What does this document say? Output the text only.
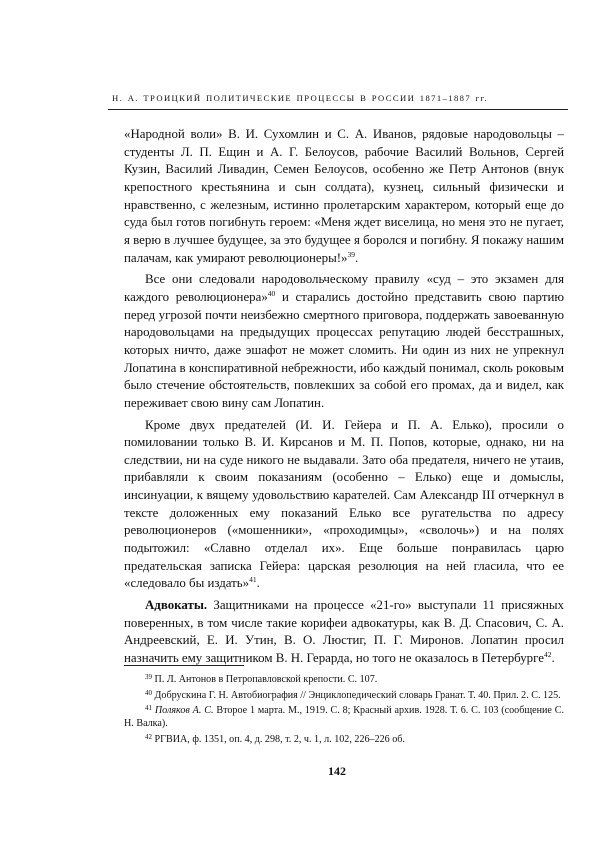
Н. А. ТРОИЦКИЙ ПОЛИТИЧЕСКИЕ ПРОЦЕССЫ В РОССИИ 1871–1887 гг.

«Народной воли» В. И. Сухомлин и С. А. Иванов, рядовые народовольцы – студенты Л. П. Ещин и А. Г. Белоусов, рабочие Василий Вольнов, Сергей Кузин, Василий Ливадин, Семен Белоусов, особенно же Петр Антонов (внук крепостного крестьянина и сын солдата), кузнец, сильный физически и нравственно, с железным, истинно пролетарским характером, который еще до суда был готов погибнуть героем: «Меня ждет виселица, но меня это не пугает, я верю в лучшее будущее, за это будущее я боролся и погибну. Я покажу нашим палачам, как умирают революционеры!»$^{39}$.

Все они следовали народовольческому правилу «суд – это экзамен для каждого революционера»$^{40}$ и старались достойно представить свою партию перед угрозой почти неизбежно смертного приговора, поддержать завоеванную народовольцами на предыдущих процессах репутацию людей бесстрашных, которых ничто, даже эшафот не может сломить. Ни один из них не упрекнул Лопатина в конспиративной небрежности, ибо каждый понимал, сколь роковым было стечение обстоятельств, повлекших за собой его промах, да и видел, как переживает свою вину сам Лопатин.

Кроме двух предателей (И. И. Гейера и П. А. Елько), просили о помиловании только В. И. Кирсанов и М. П. Попов, которые, однако, ни на следствии, ни на суде никого не выдавали. Зато оба предателя, ничего не утаив, прибавляли к своим показаниям (особенно – Елько) еще и домыслы, инсинуации, к вящему удовольствию карателей. Сам Александр III отчеркнул в тексте доложенных ему показаний Елько все ругательства по адресу революционеров («мошенники», «проходимцы», «сволочь») и на полях подытожил: «Славно отделал их». Еще больше понравилась царю предательская записка Гейера: царская резолюция на ней гласила, что ее «следовало бы издать»$^{41}$.

Адвокаты. Защитниками на процессе «21-го» выступали 11 присяжных поверенных, в том числе такие корифеи адвокатуры, как В. Д. Спасович, С. А. Андреевский, Е. И. Утин, В. О. Люстиг, П. Г. Миронов. Лопатин просил назначить ему защитником В. Н. Герарда, но того не оказалось в Петербурге$^{42}$.

$^{39}$ П. Л. Антонов в Петропавловской крепости. С. 107.

$^{40}$ Добрускина Г. Н. Автобиография // Энциклопедический словарь Гранат. Т. 40. Прил. 2. С. 125.

$^{41}$ Поляков А. С. Второе 1 марта. М., 1919. С. 8; Красный архив. 1928. Т. 6. С. 103 (сообщение С. Н. Валка).

$^{42}$ РГВИА, ф. 1351, оп. 4, д. 298, т. 2, ч. 1, л. 102, 226–226 об.

142
